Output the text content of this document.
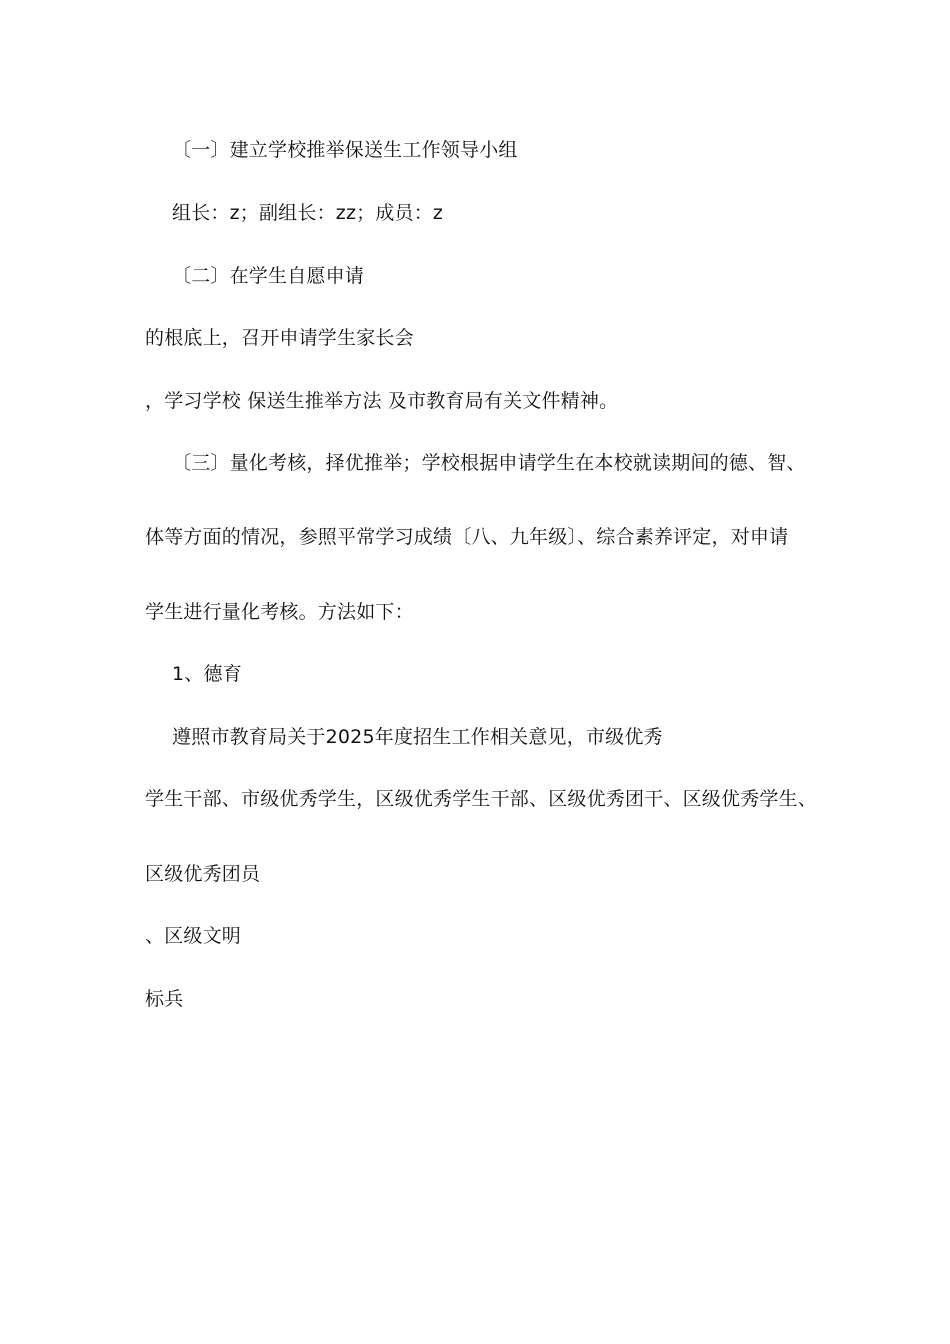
〔一〕建立学校推举保送生工作领导小组
组长：z；副组长：zz；成员：z
〔二〕在学生自愿申请
的根底上，召开申请学生家长会
，学习学校 保送生推举方法 及市教育局有关文件精神。
〔三〕量化考核，择优推举；学校根据申请学生在本校就读期间的德、智、
体等方面的情况，参照平常学习成绩〔八、九年级〕、综合素养评定，对申请
学生进行量化考核。方法如下：
1、德育
遵照市教育局关于2025年度招生工作相关意见，市级优秀
学生干部、市级优秀学生，区级优秀学生干部、区级优秀团干、区级优秀学生、
区级优秀团员
、区级文明
标兵
